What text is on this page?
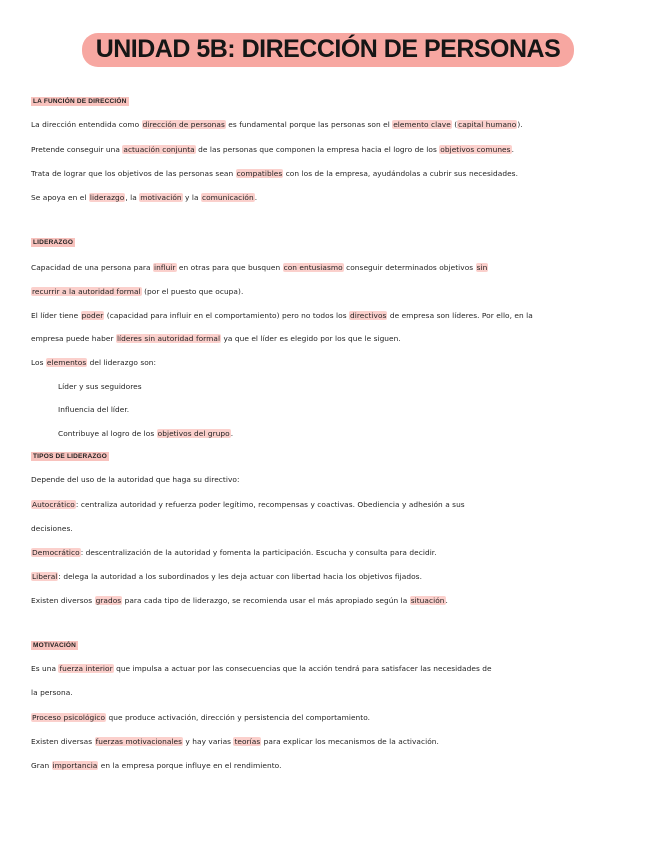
UNIDAD 5B: DIRECCIÓN DE PERSONAS
LA FUNCIÓN DE DIRECCIÓN
La dirección entendida como dirección de personas es fundamental porque las personas son el elemento clave (capital humano).
Pretende conseguir una actuación conjunta de las personas que componen la empresa hacia el logro de los objetivos comunes.
Trata de lograr que los objetivos de las personas sean compatibles con los de la empresa, ayudándolas a cubrir sus necesidades.
Se apoya en el liderazgo, la motivación y la comunicación.
LIDERAZGO
Capacidad de una persona para influir en otras para que busquen con entusiasmo conseguir determinados objetivos sin
recurrir a la autoridad formal (por el puesto que ocupa).
El líder tiene poder (capacidad para influir en el comportamiento) pero no todos los directivos de empresa son líderes. Por ello, en la
empresa puede haber líderes sin autoridad formal ya que el líder es elegido por los que le siguen.
Los elementos del liderazgo son:
Líder y sus seguidores
Influencia del líder.
Contribuye al logro de los objetivos del grupo.
TIPOS DE LIDERAZGO
Depende del uso de la autoridad que haga su directivo:
Autocrático: centraliza autoridad y refuerza poder legítimo, recompensas y coactivas. Obediencia y adhesión a sus
decisiones.
Democrático: descentralización de la autoridad y fomenta la participación. Escucha y consulta para decidir.
Liberal: delega la autoridad a los subordinados y les deja actuar con libertad hacia los objetivos fijados.
Existen diversos grados para cada tipo de liderazgo, se recomienda usar el más apropiado según la situación.
MOTIVACIÓN
Es una fuerza interior que impulsa a actuar por las consecuencias que la acción tendrá para satisfacer las necesidades de
la persona.
Proceso psicológico que produce activación, dirección y persistencia del comportamiento.
Existen diversas fuerzas motivacionales y hay varias teorías para explicar los mecanismos de la activación.
Gran importancia en la empresa porque influye en el rendimiento.
